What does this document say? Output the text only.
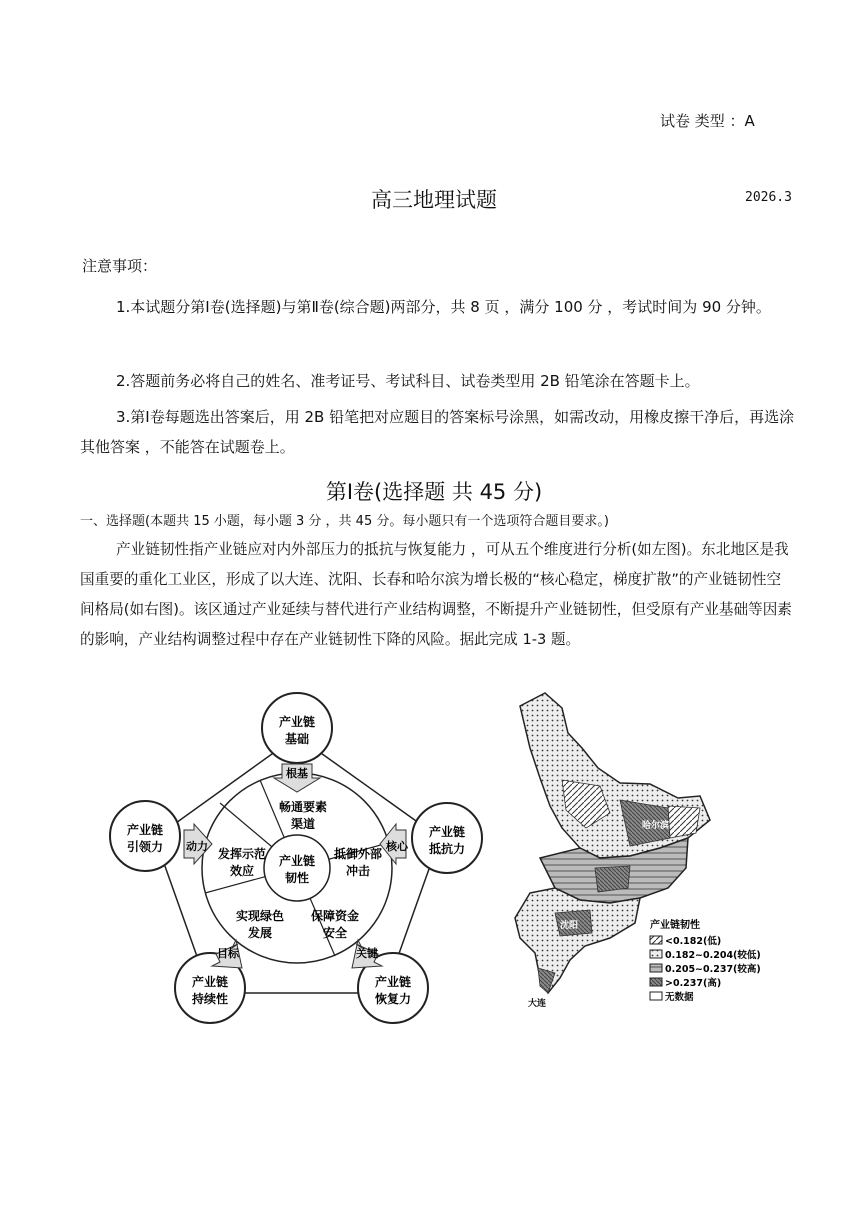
试卷 类型 ：A
高三地理试题	2026.3
注意事项：
1.本试题分第Ⅰ卷(选择题)与第Ⅱ卷(综合题)两部分，共 8 页 ，满分 100 分 ，考试时间为 90 分钟。
2.答题前务必将自己的姓名、准考证号、考试科目、试卷类型用 2B 铅笔涂在答题卡上。
3.第Ⅰ卷每题选出答案后，用 2B 铅笔把对应题目的答案标号涂黑，如需改动，用橡皮擦干净后，再选涂其他答案 ，不能答在试题卷上。
第Ⅰ卷(选择题 共 45 分)
一、选择题(本题共 15 小题，每小题 3 分 ，共 45 分。每小题只有一个选项符合题目要求。)
产业链韧性指产业链应对内外部压力的抵抗与恢复能力 ，可从五个维度进行分析(如左图)。东北地区是我国重要的重化工业区，形成了以大连、沈阳、长春和哈尔滨为增长极的“核心稳定，梯度扩散”的产业链韧性空间格局(如右图)。该区通过产业延续与替代进行产业结构调整，不断提升产业链韧性，但受原有产业基础等因素的影响，产业结构调整过程中存在产业链韧性下降的风险。据此完成 1-3 题。
产业链
韧性
畅通要素
渠道
抵御外部
冲击
保障资金
安全
实现绿色
发展
发挥示范
效应
产业链
基础
产业链
抵抗力
产业链
恢复力
产业链
持续性
产业链
引领力
根基
核心
关键
目标
动力
哈尔滨
沈阳
大连
产业链韧性
<0.182(低)
0.182~0.204(较低)
0.205~0.237(较高)
>0.237(高)
无数据
